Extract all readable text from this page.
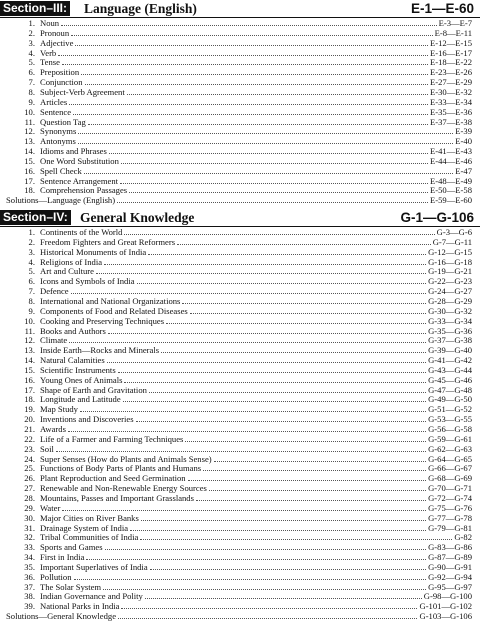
Section–III: Language (English)	E-1—E-60
1. Noun	E-3—E-7
2. Pronoun	E-8—E-11
3. Adjective	E-12—E-15
4. Verb	E-16—E-17
5. Tense	E-18—E-22
6. Preposition	E-23—E-26
7. Conjunction	E-27—E-29
8. Subject-Verb Agreement	E-30—E-32
9. Articles	E-33—E-34
10. Sentence	E-35—E-36
11. Question Tag	E-37—E-38
12. Synonyms	E-39
13. Antonyms	E-40
14. Idioms and Phrases	E-41—E-43
15. One Word Substitution	E-44—E-46
16. Spell Check	E-47
17. Sentence Arrangement	E-48—E-49
18. Comprehension Passages	E-50—E-58
Solutions—Language (English)	E-59—E-60
Section–IV: General Knowledge	G-1—G-106
1. Continents of the World	G-3—G-6
2. Freedom Fighters and Great Reformers	G-7—G-11
3. Historical Monuments of India	G-12—G-15
4. Religions of India	G-16—G-18
5. Art and Culture	G-19—G-21
6. Icons and Symbols of India	G-22—G-23
7. Defence	G-24—G-27
8. International and National Organizations	G-28—G-29
9. Components of Food and Related Diseases	G-30—G-32
10. Cooking and Preserving Techniques	G-33—G-34
11. Books and Authors	G-35—G-36
12. Climate	G-37—G-38
13. Inside Earth—Rocks and Minerals	G-39—G-40
14. Natural Calamities	G-41—G-42
15. Scientific Instruments	G-43—G-44
16. Young Ones of Animals	G-45—G-46
17. Shape of Earth and Gravitation	G-47—G-48
18. Longitude and Latitude	G-49—G-50
19. Map Study	G-51—G-52
20. Inventions and Discoveries	G-53—G-55
21. Awards	G-56—G-58
22. Life of a Farmer and Farming Techniques	G-59—G-61
23. Soil	G-62—G-63
24. Super Senses (How do Plants and Animals Sense)	G-64—G-65
25. Functions of Body Parts of Plants and Humans	G-66—G-67
26. Plant Reproduction and Seed Germination	G-68—G-69
27. Renewable and Non-Renewable Energy Sources	G-70—G-71
28. Mountains, Passes and Important Grasslands	G-72—G-74
29. Water	G-75—G-76
30. Major Cities on River Banks	G-77—G-78
31. Drainage System of India	G-79—G-81
32. Tribal Communities of India	G-82
33. Sports and Games	G-83—G-86
34. First in India	G-87—G-89
35. Important Superlatives of India	G-90—G-91
36. Pollution	G-92—G-94
37. The Solar System	G-95—G-97
38. Indian Governance and Polity	G-98—G-100
39. National Parks in India	G-101—G-102
Solutions—General Knowledge	G-103—G-106
